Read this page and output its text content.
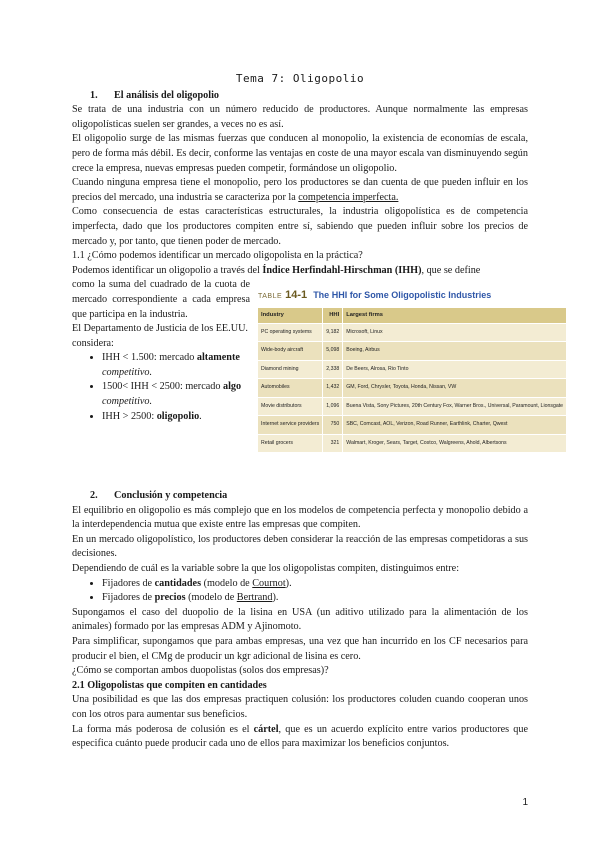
Tema 7: Oligopolio

1. El análisis del oligopolio

Se trata de una industria con un número reducido de productores. Aunque normalmente las empresas oligopolísticas suelen ser grandes, a veces no es así.

El oligopolio surge de las mismas fuerzas que conducen al monopolio, la existencia de economías de escala, pero de forma más débil. Es decir, conforme las ventajas en coste de una mayor escala van disminuyendo según crece la empresa, nuevas empresas pueden competir, formándose un oligopolio.

Cuando ninguna empresa tiene el monopolio, pero los productores se dan cuenta de que pueden influir en los precios del mercado, una industria se caracteriza por la competencia imperfecta.

Como consecuencia de estas características estructurales, la industria oligopolística es de competencia imperfecta, dado que los productores compiten entre sí, sabiendo que pueden influir sobre los precios de mercado y, por tanto, que tienen poder de mercado.

1.1 ¿Cómo podemos identificar un mercado oligopolista en la práctica?

Podemos identificar un oligopolio a través del Índice Herfindahl-Hirschman (IHH), que se define

como la suma del cuadrado de la cuota de mercado correspondiente a cada empresa que participa en la industria.

El Departamento de Justicia de los EE.UU. considera:

• IHH < 1.500: mercado altamente competitivo.
• 1500< IHH < 2500: mercado algo competitivo.
• IHH > 2500: oligopolio.
TABLE 14-1 The HHI for Some Oligopolistic Industries
Industry	HHI	Largest firms
PC operating systems	9,182	Microsoft, Linux
Wide-body aircraft	5,098	Boeing, Airbus
Diamond mining	2,338	De Beers, Alrosa, Rio Tinto
Automobiles	1,432	GM, Ford, Chrysler, Toyota, Honda, Nissan, VW
Movie distributors	1,096	Buena Vista, Sony Pictures, 20th Century Fox, Warner Bros., Universal, Paramount, Lionsgate
Internet service providers	750	SBC, Comcast, AOL, Verizon, Road Runner, Earthlink, Charter, Qwest
Retail grocers	321	Walmart, Kroger, Sears, Target, Costco, Walgreens, Ahold, Albertsons

2. Conclusión y competencia

El equilibrio en oligopolio es más complejo que en los modelos de competencia perfecta y monopolio debido a la interdependencia mutua que existe entre las empresas que compiten.

En un mercado oligopolístico, los productores deben considerar la reacción de las empresas competidoras a sus decisiones.

Dependiendo de cuál es la variable sobre la que los oligopolistas compiten, distinguimos entre:

• Fijadores de cantidades (modelo de Cournot).
• Fijadores de precios (modelo de Bertrand).

Supongamos el caso del duopolio de la lisina en USA (un aditivo utilizado para la alimentación de los animales) formado por las empresas ADM y Ajinomoto.

Para simplificar, supongamos que para ambas empresas, una vez que han incurrido en los CF necesarios para producir el bien, el CMg de producir un kgr adicional de lisina es cero.

¿Cómo se comportan ambos duopolistas (solos dos empresas)?

2.1 Oligopolistas que compiten en cantidades

Una posibilidad es que las dos empresas practiquen colusión: los productores coluden cuando cooperan unos con los otros para aumentar sus beneficios.

La forma más poderosa de colusión es el cártel, que es un acuerdo explícito entre varios productores que especifica cuánto puede producir cada uno de ellos para maximizar los beneficios conjuntos.

1
